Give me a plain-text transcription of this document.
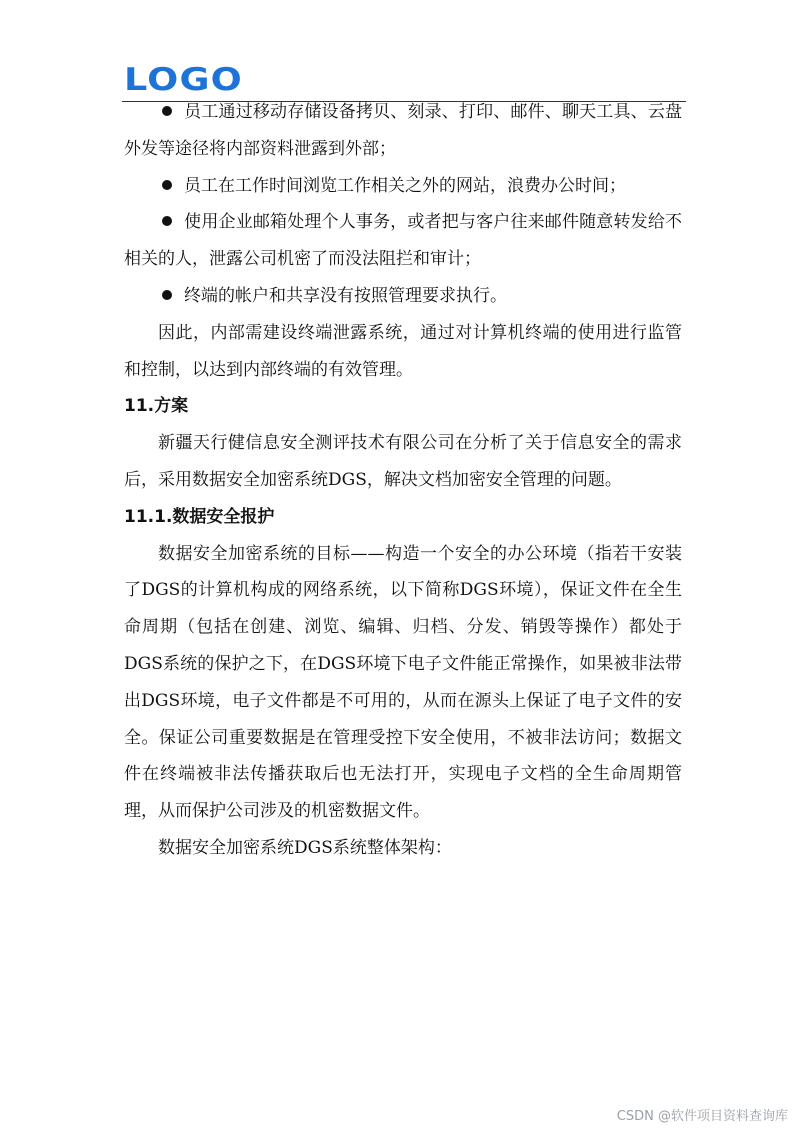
LOGO

员工通过移动存储设备拷贝、刻录、打印、邮件、聊天工具、云盘外发等途径将内部资料泄露到外部；

员工在工作时间浏览工作相关之外的网站，浪费办公时间；

使用企业邮箱处理个人事务，或者把与客户往来邮件随意转发给不相关的人，泄露公司机密了而没法阻拦和审计；

终端的帐户和共享没有按照管理要求执行。

因此，内部需建设终端泄露系统，通过对计算机终端的使用进行监管和控制，以达到内部终端的有效管理。

11.方案

新疆天行健信息安全测评技术有限公司在分析了关于信息安全的需求后，采用数据安全加密系统DGS，解决文档加密安全管理的问题。

11.1.数据安全报护

数据安全加密系统的目标——构造一个安全的办公环境（指若干安装了DGS的计算机构成的网络系统，以下简称DGS环境），保证文件在全生命周期（包括在创建、浏览、编辑、归档、分发、销毁等操作）都处于DGS系统的保护之下，在DGS环境下电子文件能正常操作，如果被非法带出DGS环境，电子文件都是不可用的，从而在源头上保证了电子文件的安全。保证公司重要数据是在管理受控下安全使用，不被非法访问；数据文件在终端被非法传播获取后也无法打开，实现电子文档的全生命周期管理，从而保护公司涉及的机密数据文件。

数据安全加密系统DGS系统整体架构：

CSDN @软件项目资料查询库
